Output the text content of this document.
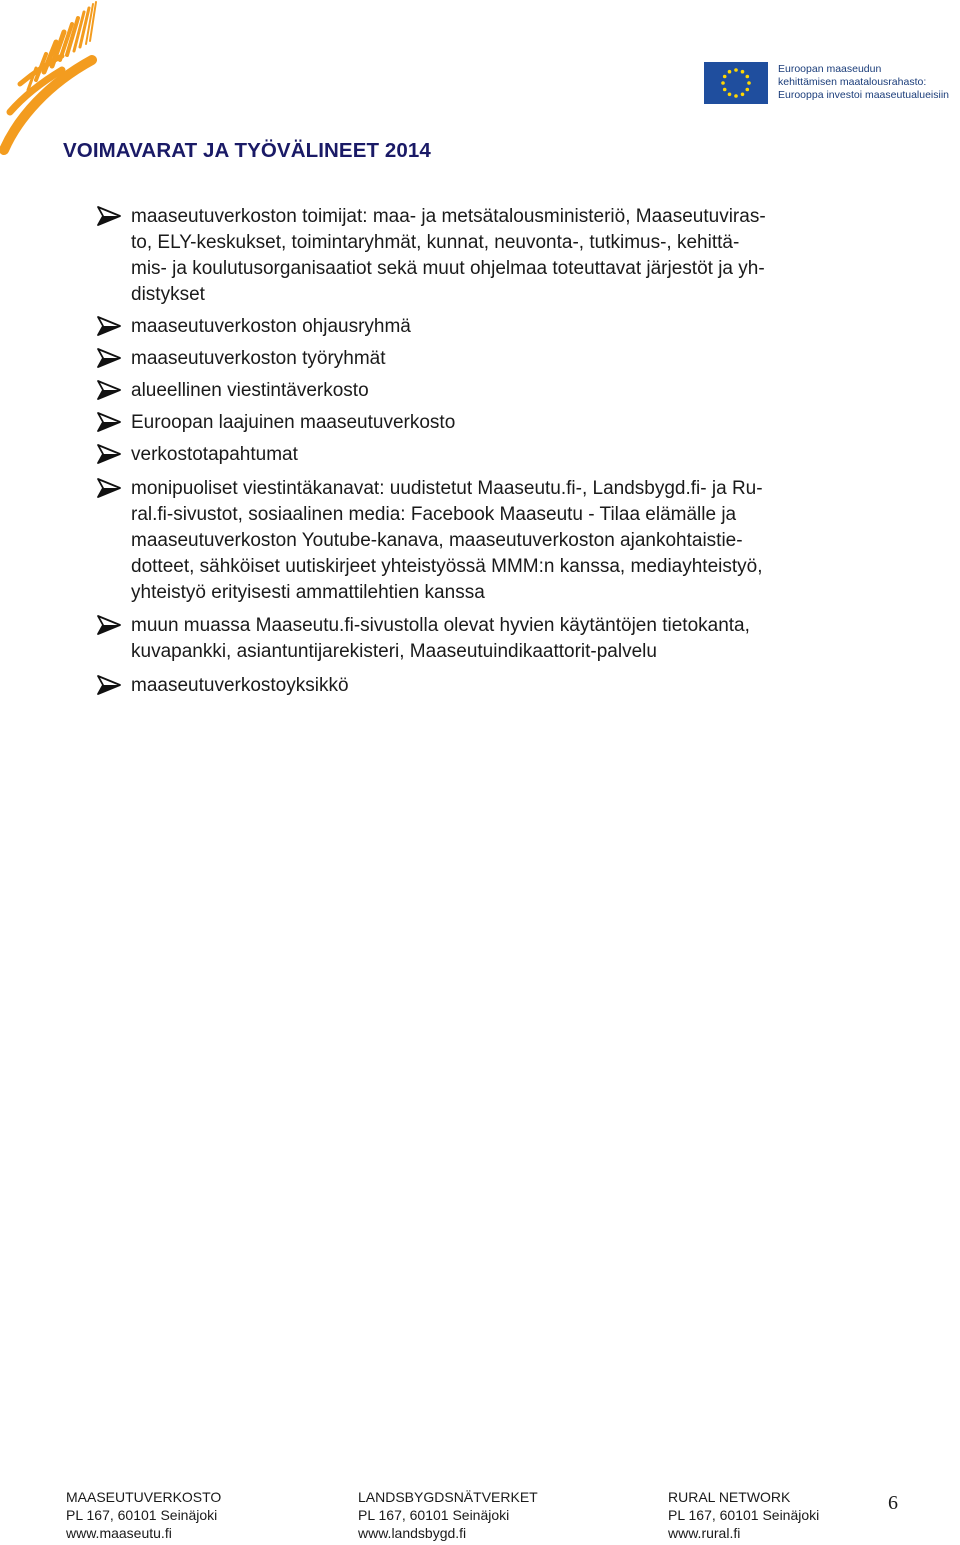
Euroopan maaseudun
kehittämisen maatalousrahasto:
Eurooppa investoi maaseutualueisiin
VOIMAVARAT JA TYÖVÄLINEET 2014
maaseutuverkoston toimijat: maa- ja metsätalousministeriö, Maaseutuviras-
to, ELY-keskukset, toimintaryhmät, kunnat, neuvonta-, tutkimus-, kehittä-
mis- ja koulutusorganisaatiot sekä muut ohjelmaa toteuttavat järjestöt ja yh-
distykset
maaseutuverkoston ohjausryhmä
maaseutuverkoston työryhmät
alueellinen viestintäverkosto
Euroopan laajuinen maaseutuverkosto
verkostotapahtumat
monipuoliset viestintäkanavat: uudistetut Maaseutu.fi-, Landsbygd.fi- ja Ru-
ral.fi-sivustot, sosiaalinen media: Facebook Maaseutu - Tilaa elämälle ja
maaseutuverkoston Youtube-kanava, maaseutuverkoston ajankohtaistie-
dotteet, sähköiset uutiskirjeet yhteistyössä MMM:n kanssa, mediayhteistyö,
yhteistyö erityisesti ammattilehtien kanssa
muun muassa Maaseutu.fi-sivustolla olevat hyvien käytäntöjen tietokanta,
kuvapankki, asiantuntijarekisteri, Maaseutuindikaattorit-palvelu
maaseutuverkostoyksikkö
MAASEUTUVERKOSTO
PL 167, 60101 Seinäjoki
www.maaseutu.fi
LANDSBYGDSNÄTVERKET
PL 167, 60101 Seinäjoki
www.landsbygd.fi
RURAL NETWORK
PL 167, 60101 Seinäjoki
www.rural.fi
6
